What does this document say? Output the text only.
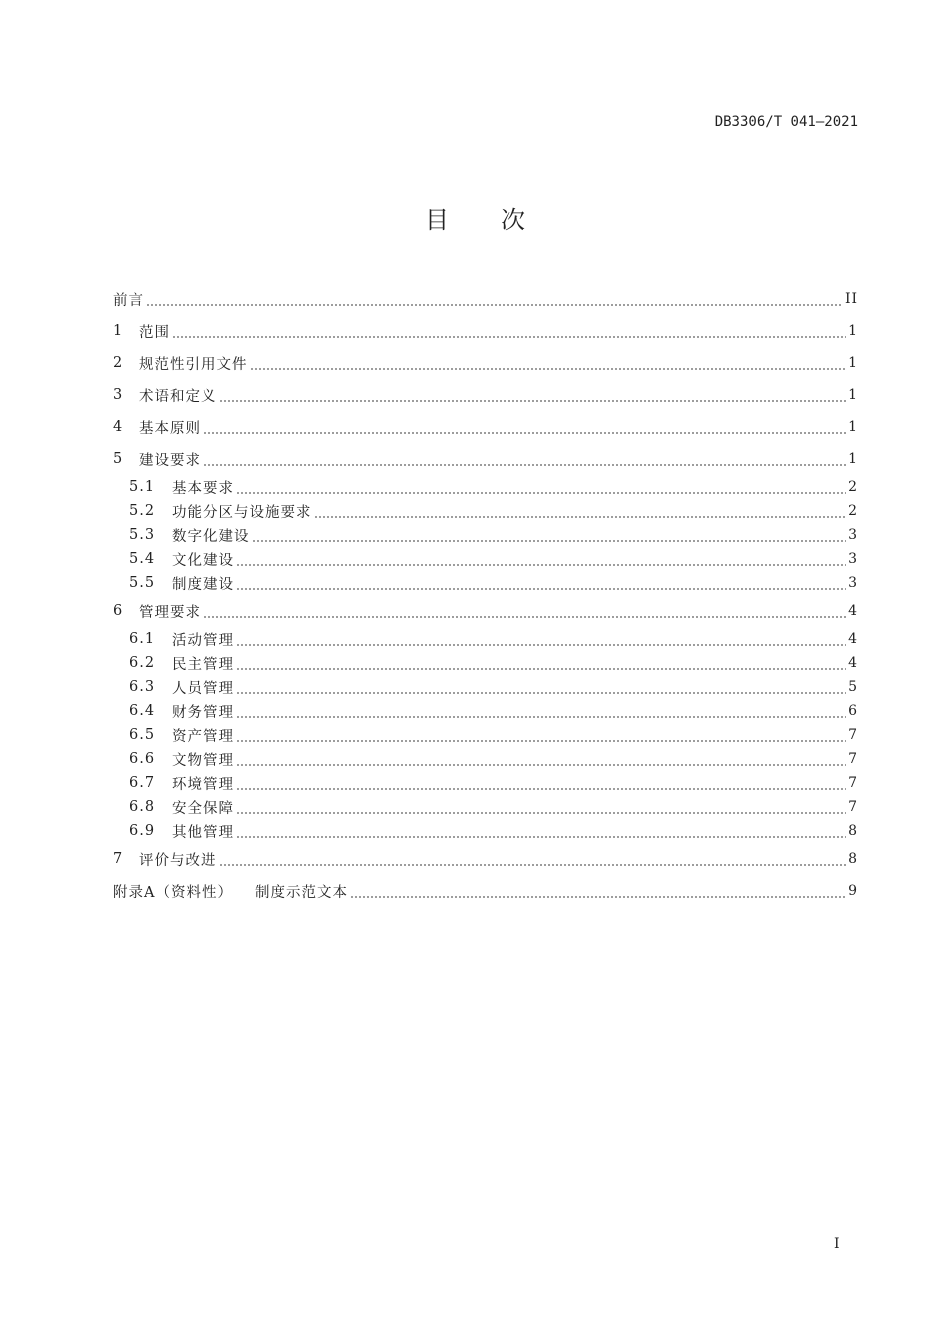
DB3306/T 041—2021
目 次
前言	II
1	范围	1
2	规范性引用文件	1
3	术语和定义	1
4	基本原则	1
5	建设要求	1
5.1	基本要求	2
5.2	功能分区与设施要求	2
5.3	数字化建设	3
5.4	文化建设	3
5.5	制度建设	3
6	管理要求	4
6.1	活动管理	4
6.2	民主管理	4
6.3	人员管理	5
6.4	财务管理	6
6.5	资产管理	7
6.6	文物管理	7
6.7	环境管理	7
6.8	安全保障	7
6.9	其他管理	8
7	评价与改进	8
附录A（资料性） 制度示范文本	9
I
